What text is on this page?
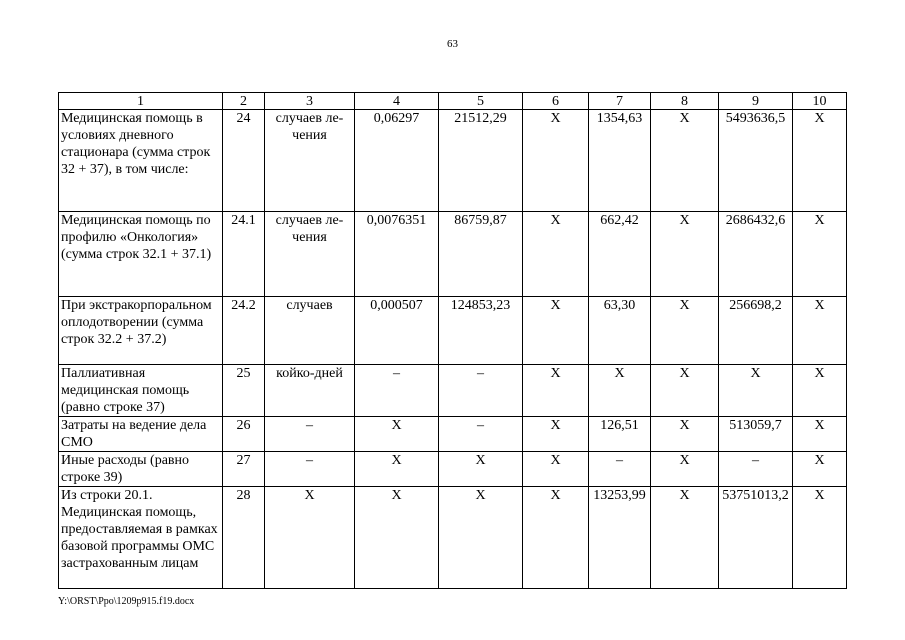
63
1	2	3	4	5	6	7	8	9	10
Медицинская помощь в условиях дневного стационара (сумма строк 32 + 37), в том числе:	24	случаев ле-чения	0,06297	21512,29	Х	1354,63	Х	5493636,5	Х
Медицинская помощь по профилю «Онкология» (сумма строк 32.1 + 37.1)	24.1	случаев ле-чения	0,0076351	86759,87	Х	662,42	Х	2686432,6	Х
При экстракорпоральном оплодотворении (сумма строк 32.2 + 37.2)	24.2	случаев	0,000507	124853,23	Х	63,30	Х	256698,2	Х
Паллиативная медицинская помощь (равно строке 37)	25	койко-дней	–	–	Х	Х	Х	Х	Х
Затраты на ведение дела СМО	26	–	Х	–	Х	126,51	Х	513059,7	Х
Иные расходы (равно строке 39)	27	–	Х	Х	Х	–	Х	–	Х
Из строки 20.1. Медицинская помощь, предоставляемая в рамках базовой программы ОМС застрахованным лицам	28	Х	Х	Х	Х	13253,99	Х	53751013,2	Х
Y:\ORST\Ppo\1209p915.f19.docx
